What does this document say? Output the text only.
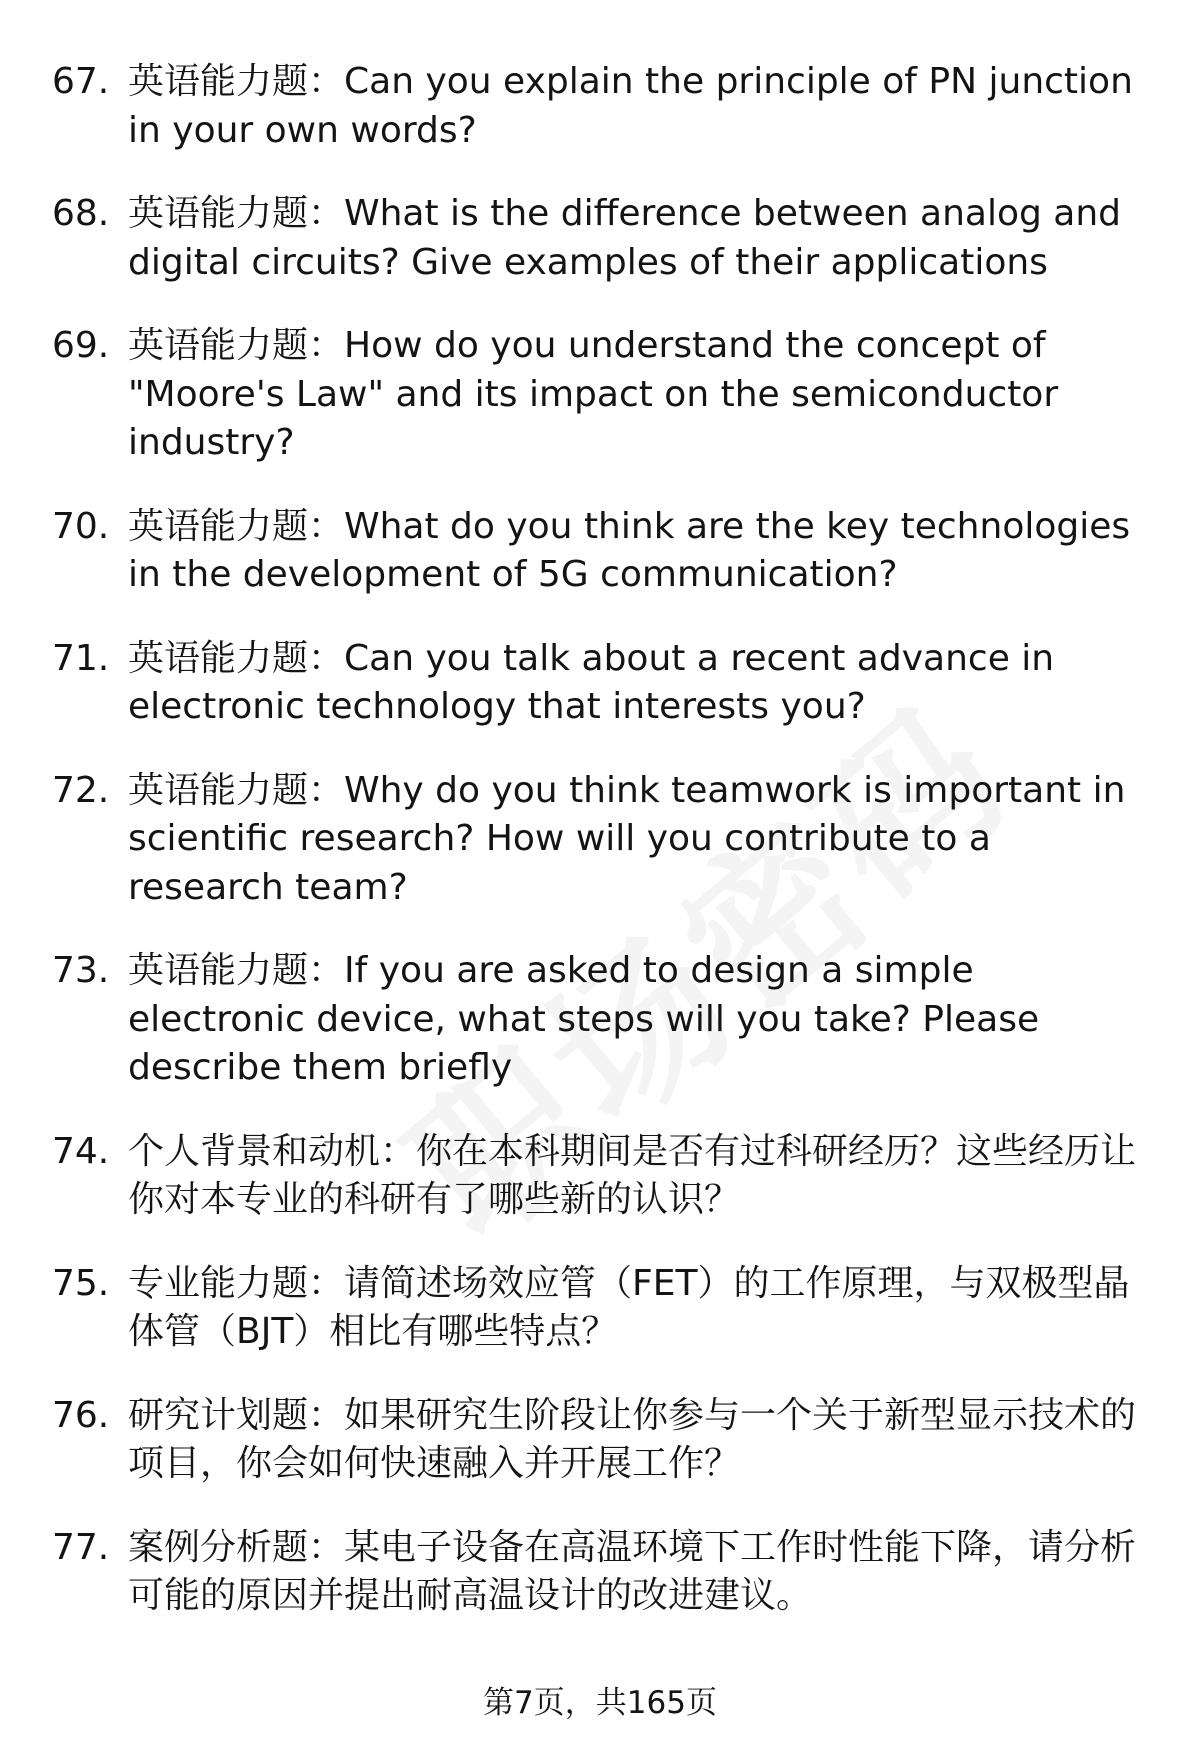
67. 英语能力题：Can you explain the principle of PN junction in your own words?
68. 英语能力题：What is the difference between analog and digital circuits? Give examples of their applications
69. 英语能力题：How do you understand the concept of "Moore's Law" and its impact on the semiconductor industry?
70. 英语能力题：What do you think are the key technologies in the development of 5G communication?
71. 英语能力题：Can you talk about a recent advance in electronic technology that interests you?
72. 英语能力题：Why do you think teamwork is important in scientific research? How will you contribute to a research team?
73. 英语能力题：If you are asked to design a simple electronic device, what steps will you take? Please describe them briefly
74. 个人背景和动机：你在本科期间是否有过科研经历？这些经历让你对本专业的科研有了哪些新的认识？
75. 专业能力题：请简述场效应管（FET）的工作原理，与双极型晶体管（BJT）相比有哪些特点？
76. 研究计划题：如果研究生阶段让你参与一个关于新型显示技术的项目，你会如何快速融入并开展工作？
77. 案例分析题：某电子设备在高温环境下工作时性能下降，请分析可能的原因并提出耐高温设计的改进建议。
第7页，共165页
